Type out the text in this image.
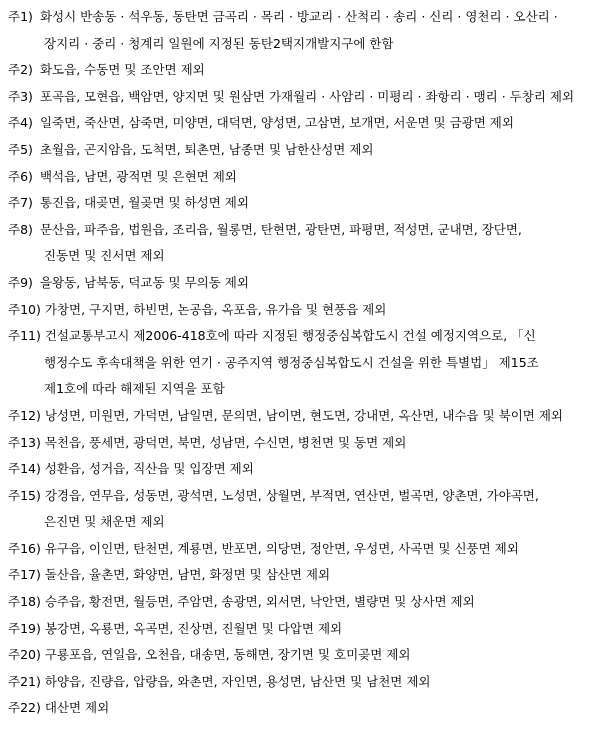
주1) 화성시 반송동 · 석우동, 동탄면 금곡리 · 목리 · 방교리 · 산척리 · 송리 · 신리 · 영천리 · 오산리 ·
장지리 · 중리 · 청계리 일원에 지정된 동탄2택지개발지구에 한함
주2) 화도읍, 수동면 및 조안면 제외
주3) 포곡읍, 모현읍, 백암면, 양지면 및 원삼면 가재월리 · 사암리 · 미평리 · 좌항리 · 맹리 · 두창리 제외
주4) 일죽면, 죽산면, 삼죽면, 미양면, 대덕면, 양성면, 고삼면, 보개면, 서운면 및 금광면 제외
주5) 초월읍, 곤지암읍, 도척면, 퇴촌면, 남종면 및 남한산성면 제외
주6) 백석읍, 남면, 광적면 및 은현면 제외
주7) 통진읍, 대곶면, 월곶면 및 하성면 제외
주8) 문산읍, 파주읍, 법원읍, 조리읍, 월롱면, 탄현면, 광탄면, 파평면, 적성면, 군내면, 장단면,
진동면 및 진서면 제외
주9) 을왕동, 남북동, 덕교동 및 무의동 제외
주10) 가창면, 구지면, 하빈면, 논공읍, 옥포읍, 유가읍 및 현풍읍 제외
주11) 건설교통부고시 제2006-418호에 따라 지정된 행정중심복합도시 건설 예정지역으로, 「신
행정수도 후속대책을 위한 연기 · 공주지역 행정중심복합도시 건설을 위한 특별법」 제15조
제1호에 따라 해제된 지역을 포함
주12) 낭성면, 미원면, 가덕면, 남일면, 문의면, 남이면, 현도면, 강내면, 옥산면, 내수읍 및 북이면 제외
주13) 목천읍, 풍세면, 광덕면, 북면, 성남면, 수신면, 병천면 및 동면 제외
주14) 성환읍, 성거읍, 직산읍 및 입장면 제외
주15) 강경읍, 연무읍, 성동면, 광석면, 노성면, 상월면, 부적면, 연산면, 벌곡면, 양촌면, 가야곡면,
은진면 및 채운면 제외
주16) 유구읍, 이인면, 탄천면, 계룡면, 반포면, 의당면, 정안면, 우성면, 사곡면 및 신풍면 제외
주17) 돌산읍, 율촌면, 화양면, 남면, 화정면 및 삼산면 제외
주18) 승주읍, 황전면, 월등면, 주암면, 송광면, 외서면, 낙안면, 별량면 및 상사면 제외
주19) 봉강면, 옥룡면, 옥곡면, 진상면, 진월면 및 다압면 제외
주20) 구룡포읍, 연일읍, 오천읍, 대송면, 동해면, 장기면 및 호미곶면 제외
주21) 하양읍, 진량읍, 압량읍, 와촌면, 자인면, 용성면, 남산면 및 남천면 제외
주22) 대산면 제외
